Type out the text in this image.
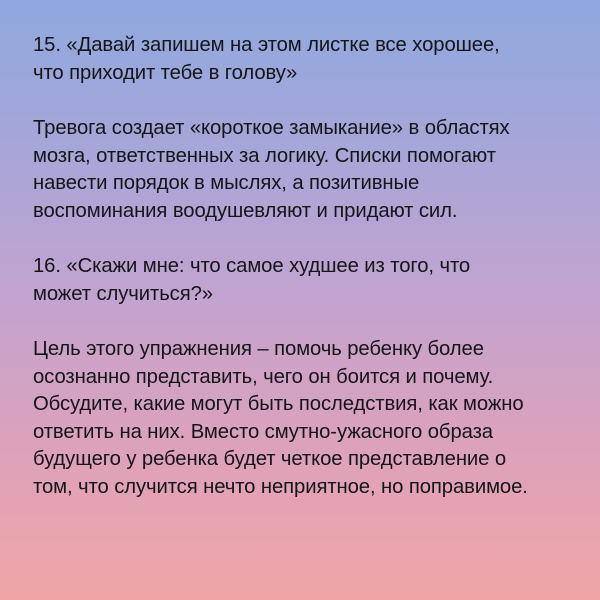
15. «Давай запишем на этом листке все хорошее,
что приходит тебе в голову»
Тревога создает «короткое замыкание» в областях
мозга, ответственных за логику. Списки помогают
навести порядок в мыслях, а позитивные
воспоминания воодушевляют и придают сил.
16. «Скажи мне: что самое худшее из того, что
может случиться?»
Цель этого упражнения – помочь ребенку более
осознанно представить, чего он боится и почему.
Обсудите, какие могут быть последствия, как можно
ответить на них. Вместо смутно-ужасного образа
будущего у ребенка будет четкое представление о
том, что случится нечто неприятное, но поправимое.
